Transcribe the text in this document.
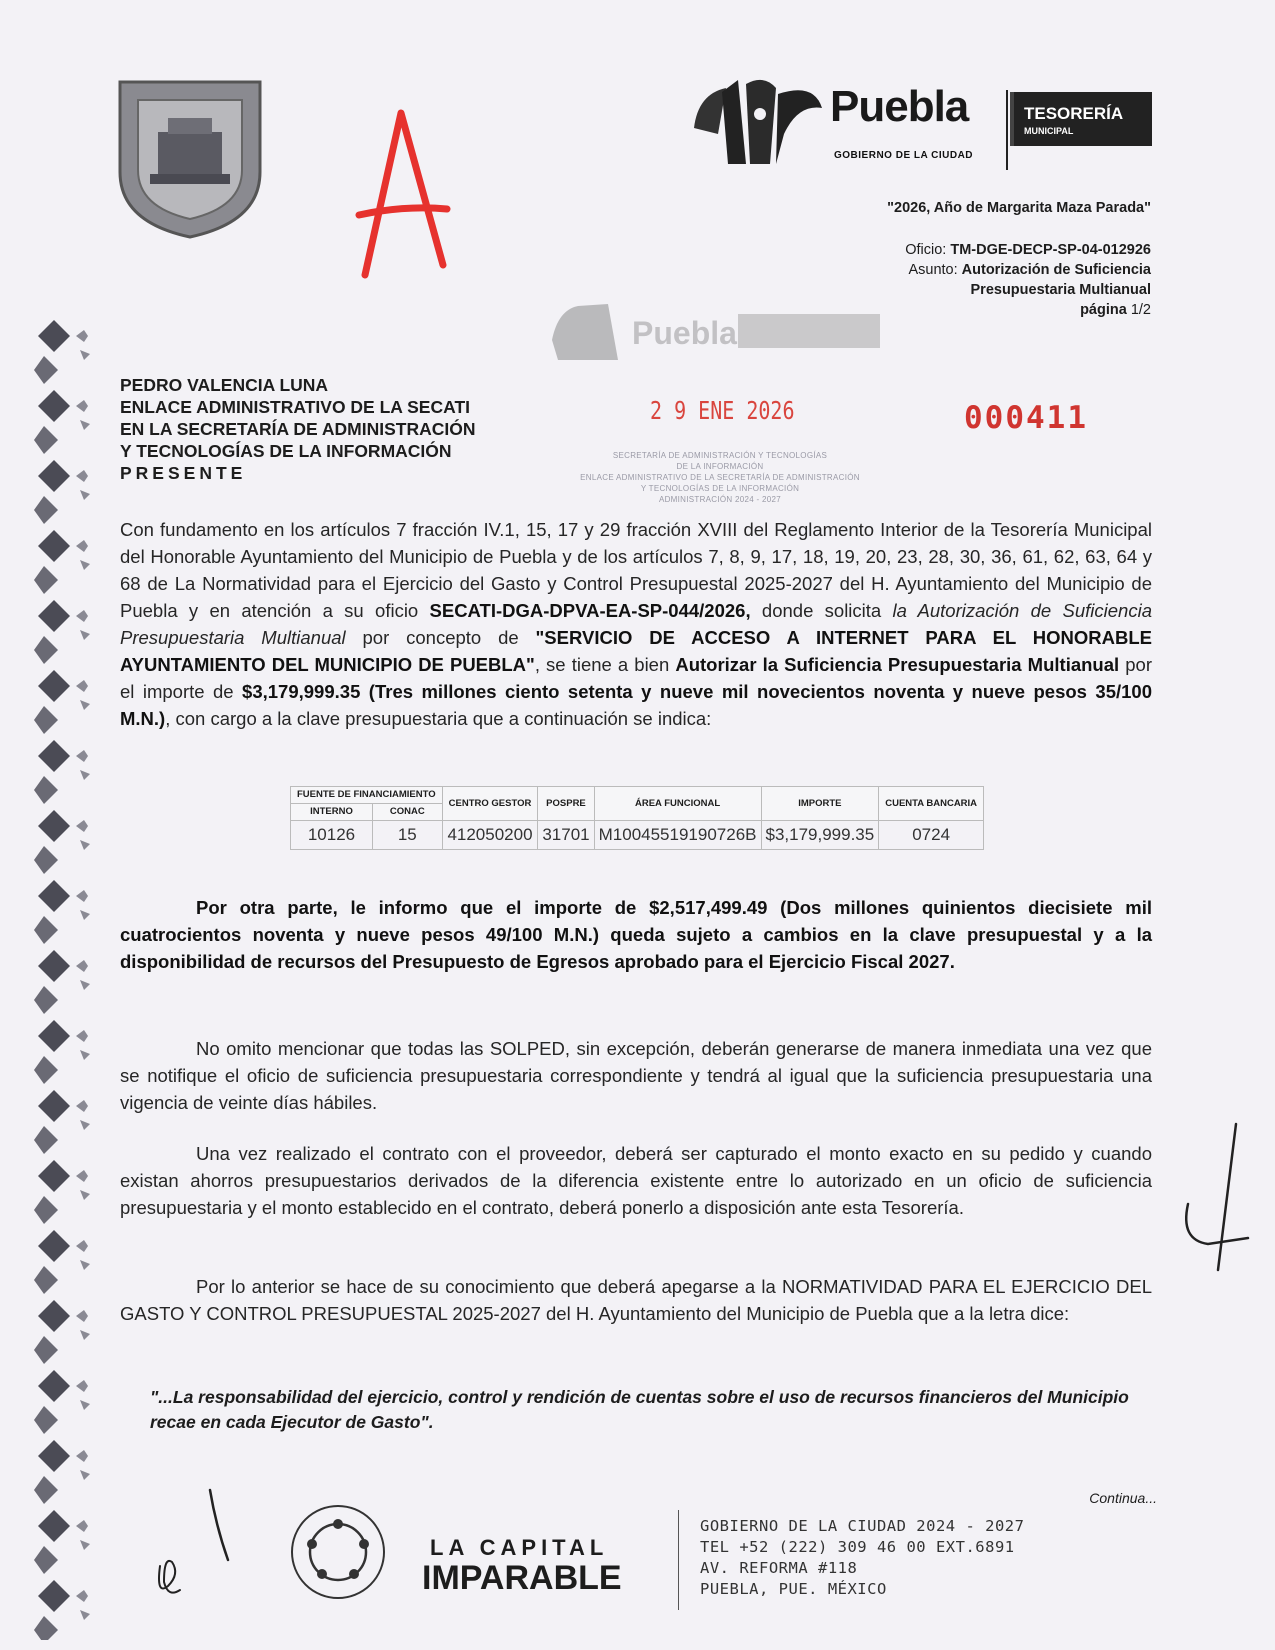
Puebla
GOBIERNO DE LA CIUDAD
TESORERÍA
MUNICIPAL
"2026, Año de Margarita Maza Parada"
Oficio: TM-DGE-DECP-SP-04-012926
Asunto: Autorización de Suficiencia
Presupuestaria Multianual
página 1/2
Puebla
2 9 ENE 2026	000411
SECRETARÍA DE ADMINISTRACIÓN Y TECNOLOGÍAS
DE LA INFORMACIÓN
ENLACE ADMINISTRATIVO DE LA SECRETARÍA DE ADMINISTRACIÓN
Y TECNOLOGÍAS DE LA INFORMACIÓN
ADMINISTRACIÓN 2024 - 2027
PEDRO VALENCIA LUNA
ENLACE ADMINISTRATIVO DE LA SECATI
EN LA SECRETARÍA DE ADMINISTRACIÓN
Y TECNOLOGÍAS DE LA INFORMACIÓN
PRESENTE
Con fundamento en los artículos 7 fracción IV.1, 15, 17 y 29 fracción XVIII del Reglamento Interior de la Tesorería Municipal del Honorable Ayuntamiento del Municipio de Puebla y de los artículos 7, 8, 9, 17, 18, 19, 20, 23, 28, 30, 36, 61, 62, 63, 64 y 68 de La Normatividad para el Ejercicio del Gasto y Control Presupuestal 2025-2027 del H. Ayuntamiento del Municipio de Puebla y en atención a su oficio SECATI-DGA-DPVA-EA-SP-044/2026, donde solicita la Autorización de Suficiencia Presupuestaria Multianual por concepto de "SERVICIO DE ACCESO A INTERNET PARA EL HONORABLE AYUNTAMIENTO DEL MUNICIPIO DE PUEBLA", se tiene a bien Autorizar la Suficiencia Presupuestaria Multianual por el importe de $3,179,999.35 (Tres millones ciento setenta y nueve mil novecientos noventa y nueve pesos 35/100 M.N.), con cargo a la clave presupuestaria que a continuación se indica:
FUENTE DE FINANCIAMIENTO		CENTRO GESTOR	POSPRE	ÁREA FUNCIONAL	IMPORTE	CUENTA BANCARIA
INTERNO	CONAC					
10126	15	412050200	31701	M10045519190726B	$3,179,999.35	0724
Por otra parte, le informo que el importe de $2,517,499.49 (Dos millones quinientos diecisiete mil cuatrocientos noventa y nueve pesos 49/100 M.N.) queda sujeto a cambios en la clave presupuestal y a la disponibilidad de recursos del Presupuesto de Egresos aprobado para el Ejercicio Fiscal 2027.
No omito mencionar que todas las SOLPED, sin excepción, deberán generarse de manera inmediata una vez que se notifique el oficio de suficiencia presupuestaria correspondiente y tendrá al igual que la suficiencia presupuestaria una vigencia de veinte días hábiles.
Una vez realizado el contrato con el proveedor, deberá ser capturado el monto exacto en su pedido y cuando existan ahorros presupuestarios derivados de la diferencia existente entre lo autorizado en un oficio de suficiencia presupuestaria y el monto establecido en el contrato, deberá ponerlo a disposición ante esta Tesorería.
Por lo anterior se hace de su conocimiento que deberá apegarse a la NORMATIVIDAD PARA EL EJERCICIO DEL GASTO Y CONTROL PRESUPUESTAL 2025-2027 del H. Ayuntamiento del Municipio de Puebla que a la letra dice:
"...La responsabilidad del ejercicio, control y rendición de cuentas sobre el uso de recursos financieros del Municipio recae en cada Ejecutor de Gasto".
Continua...
LA CAPITAL
IMPARABLE
GOBIERNO DE LA CIUDAD 2024 - 2027
TEL +52 (222) 309 46 00 EXT.6891
AV. REFORMA #118
PUEBLA, PUE. MÉXICO
